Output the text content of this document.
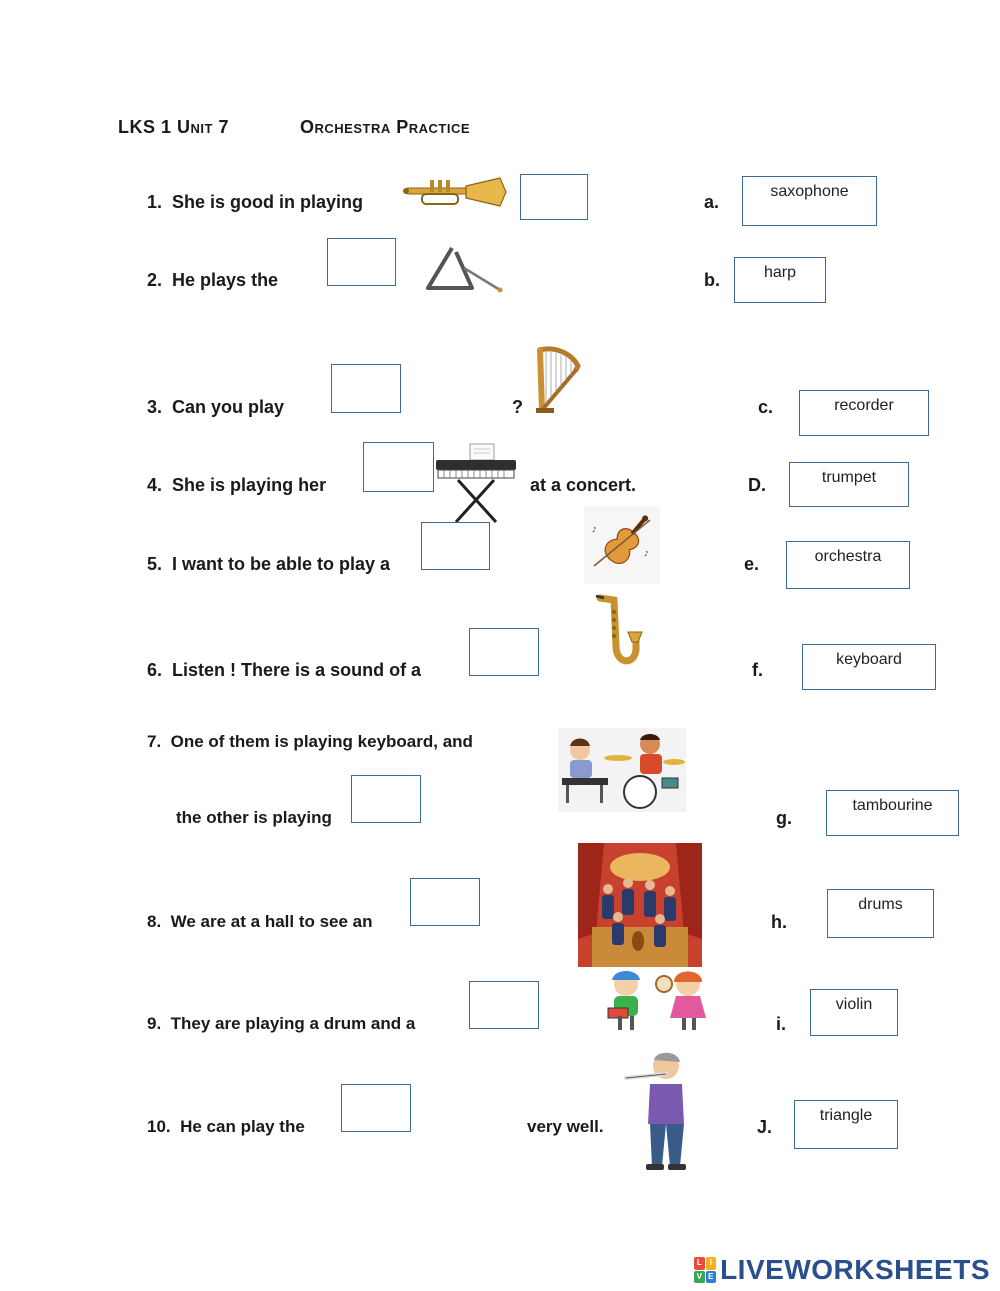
LKS 1 Unit 7	Orchestra Practice
1. She is good in playing
2. He plays the
3. Can you play	?
4. She is playing her	at a concert.
5. I want to be able to play a	♪
♪
6. Listen ! There is a sound of a
7. One of them is playing keyboard, and
the other is playing
8. We are at a hall to see an
9. They are playing a drum and a
10. He can play the	very well.
a.
saxophone
b.	harp
c.	recorder
D.	trumpet
e.	orchestra
f.
keyboard
g.
tambourine
h.
drums
i.
violin
J.
triangle
L I
V E LIVEWORKSHEETS
